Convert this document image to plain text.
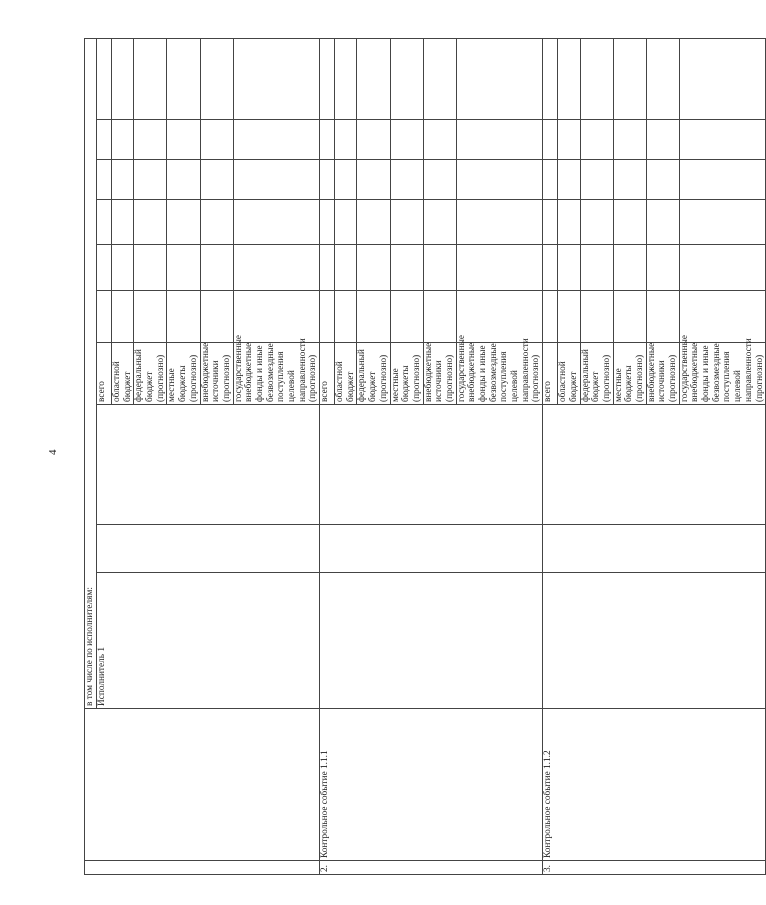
4
		в том числе по исполнителям:									
		Исполнитель 1			всего						
					областной бюджет						
					федеральный бюджет (прогнозно)						
					местные бюджеты (прогнозно)						
					внебюджетные источники (прогнозно)						
					государственные внебюджетные фонды и иные безвозмездные поступления целевой направленности (прогнозно)						
2.	Контрольное событие 1.1.1				всего						
					областной бюджет						
					федеральный бюджет (прогнозно)						
					местные бюджеты (прогнозно)						
					внебюджетные источники (прогнозно)						
					государственные внебюджетные фонды и иные безвозмездные поступления целевой направленности (прогнозно)						
3.	Контрольное событие 1.1.2				всего						
					областной бюджет						
					федеральный бюджет (прогнозно)						
					местные бюджеты (прогнозно)						
					внебюджетные источники (прогнозно)						
					государственные внебюджетные фонды и иные безвозмездные поступления целевой направленности (прогнозно)						
